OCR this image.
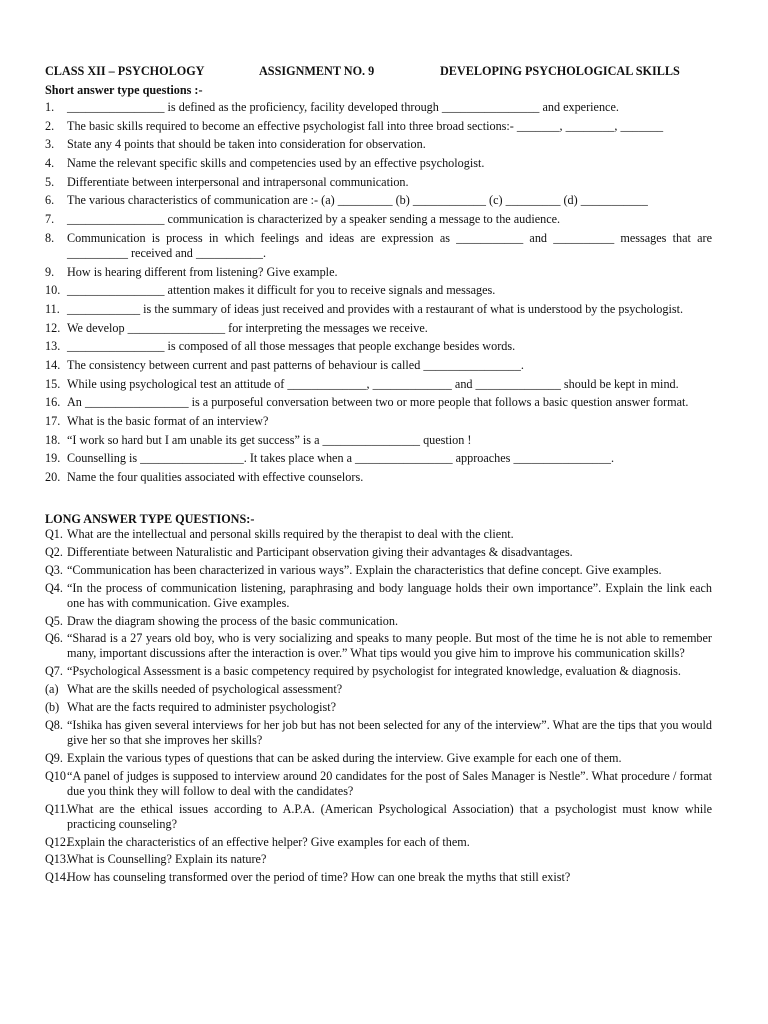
CLASS XII – PSYCHOLOGY	ASSIGNMENT NO. 9	DEVELOPING PSYCHOLOGICAL SKILLS
Short answer type questions :-
1. ________________ is defined as the proficiency, facility developed through ________________ and experience.
2. The basic skills required to become an effective psychologist fall into three broad sections:- _______, ________, _______
3. State any 4 points that should be taken into consideration for observation.
4. Name the relevant specific skills and competencies used by an effective psychologist.
5. Differentiate between interpersonal and intrapersonal communication.
6. The various characteristics of communication are :- (a) _________ (b) ____________ (c) _________ (d) ___________
7. ________________ communication is characterized by a speaker sending a message to the audience.
8. Communication is process in which feelings and ideas are expression as ___________ and __________ messages that are __________ received and ___________.
9. How is hearing different from listening? Give example.
10. ________________ attention makes it difficult for you to receive signals and messages.
11. ____________ is the summary of ideas just received and provides with a restaurant of what is understood by the psychologist.
12. We develop ________________ for interpreting the messages we receive.
13. ________________ is composed of all those messages that people exchange besides words.
14. The consistency between current and past patterns of behaviour is called ________________.
15. While using psychological test an attitude of _____________, _____________ and ______________ should be kept in mind.
16. An _________________ is a purposeful conversation between two or more people that follows a basic question answer format.
17. What is the basic format of an interview?
18. “I work so hard but I am unable its get success” is a ________________ question !
19. Counselling is _________________. It takes place when a ________________ approaches ________________.
20. Name the four qualities associated with effective counselors.
LONG ANSWER TYPE QUESTIONS:-
Q1. What are the intellectual and personal skills required by the therapist to deal with the client.
Q2. Differentiate between Naturalistic and Participant observation giving their advantages & disadvantages.
Q3. “Communication has been characterized in various ways”. Explain the characteristics that define concept. Give examples.
Q4. “In the process of communication listening, paraphrasing and body language holds their own importance”. Explain the link each one has with communication. Give examples.
Q5. Draw the diagram showing the process of the basic communication.
Q6. “Sharad is a 27 years old boy, who is very socializing and speaks to many people. But most of the time he is not able to remember many, important discussions after the interaction is over.” What tips would you give him to improve his communication skills?
Q7. “Psychological Assessment is a basic competency required by psychologist for integrated knowledge, evaluation & diagnosis.
(a) What are the skills needed of psychological assessment?
(b) What are the facts required to administer psychologist?
Q8. “Ishika has given several interviews for her job but has not been selected for any of the interview”. What are the tips that you would give her so that she improves her skills?
Q9. Explain the various types of questions that can be asked during the interview. Give example for each one of them.
Q10 “A panel of judges is supposed to interview around 20 candidates for the post of Sales Manager is Nestle”. What procedure / format due you think they will follow to deal with the candidates?
Q11.
What are the ethical issues according to A.P.A. (American Psychological Association) that a psychologist must know while practicing counseling?
Q12.
Explain the characteristics of an effective helper? Give examples for each of them.
Q13.
What is Counselling? Explain its nature?
Q14.
How has counseling transformed over the period of time? How can one break the myths that still exist?
